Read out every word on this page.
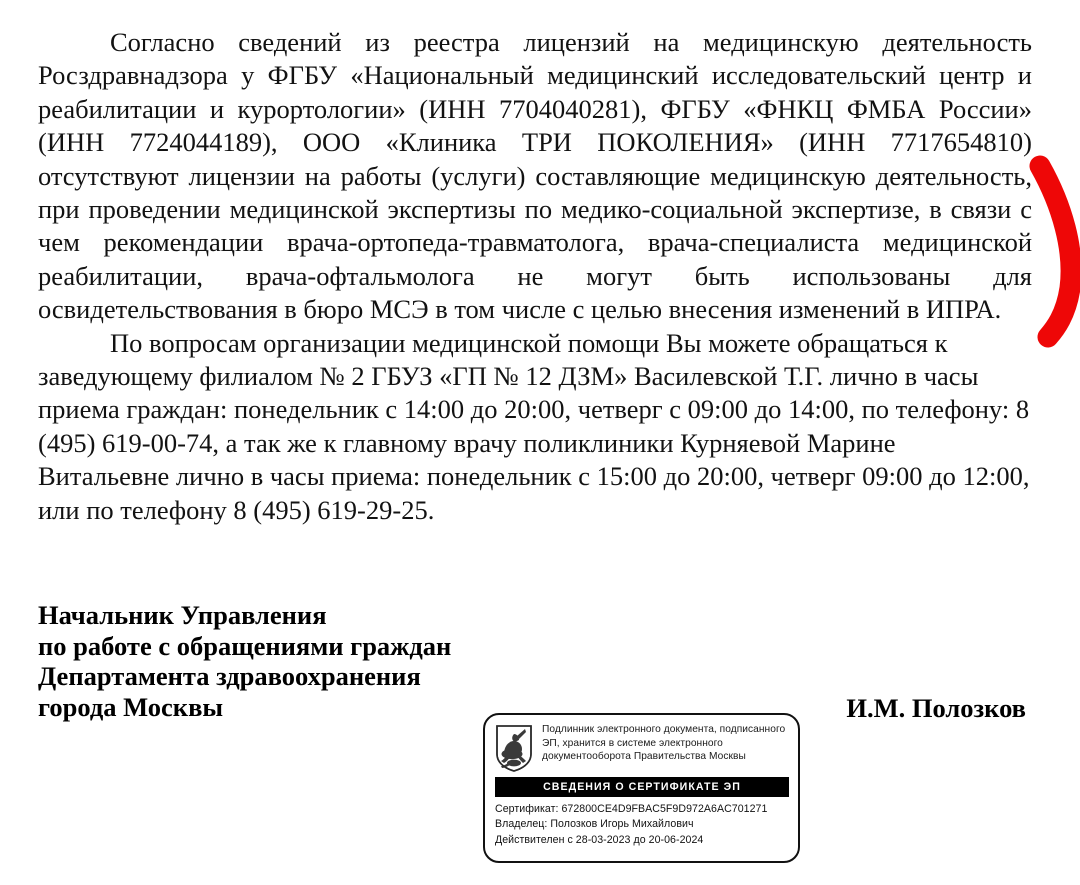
Согласно сведений из реестра лицензий на медицинскую деятельность Росздравнадзора у ФГБУ «Национальный медицинский исследовательский центр и реабилитации и курортологии» (ИНН 7704040281), ФГБУ «ФНКЦ ФМБА России» (ИНН 7724044189), ООО «Клиника ТРИ ПОКОЛЕНИЯ» (ИНН 7717654810) отсутствуют лицензии на работы (услуги) составляющие медицинскую деятельность, при проведении медицинской экспертизы по медико-социальной экспертизе, в связи с чем рекомендации врача-ортопеда-травматолога, врача-специалиста медицинской реабилитации, врача-офтальмолога не могут быть использованы для освидетельствования в бюро МСЭ в том числе с целью внесения изменений в ИПРА.

По вопросам организации медицинской помощи Вы можете обращаться к заведующему филиалом № 2 ГБУЗ «ГП № 12 ДЗМ» Василевской Т.Г. лично в часы приема граждан: понедельник с 14:00 до 20:00, четверг с 09:00 до 14:00, по телефону: 8 (495) 619-00-74, а так же к главному врачу поликлиники Курняевой Марине Витальевне лично в часы приема: понедельник с 15:00 до 20:00, четверг 09:00 до 12:00, или по телефону 8 (495) 619-29-25.

Начальник Управления
по работе с обращениями граждан
Департамента здравоохранения
города Москвы	И.М. Полозков
Подлинник электронного документа, подписанного ЭП, хранится в системе электронного документооборота Правительства Москвы
СВЕДЕНИЯ О СЕРТИФИКАТЕ ЭП
Сертификат: 672800CE4D9FBAC5F9D972A6AC701271
Владелец: Полозков Игорь Михайлович
Действителен с 28-03-2023 до 20-06-2024
